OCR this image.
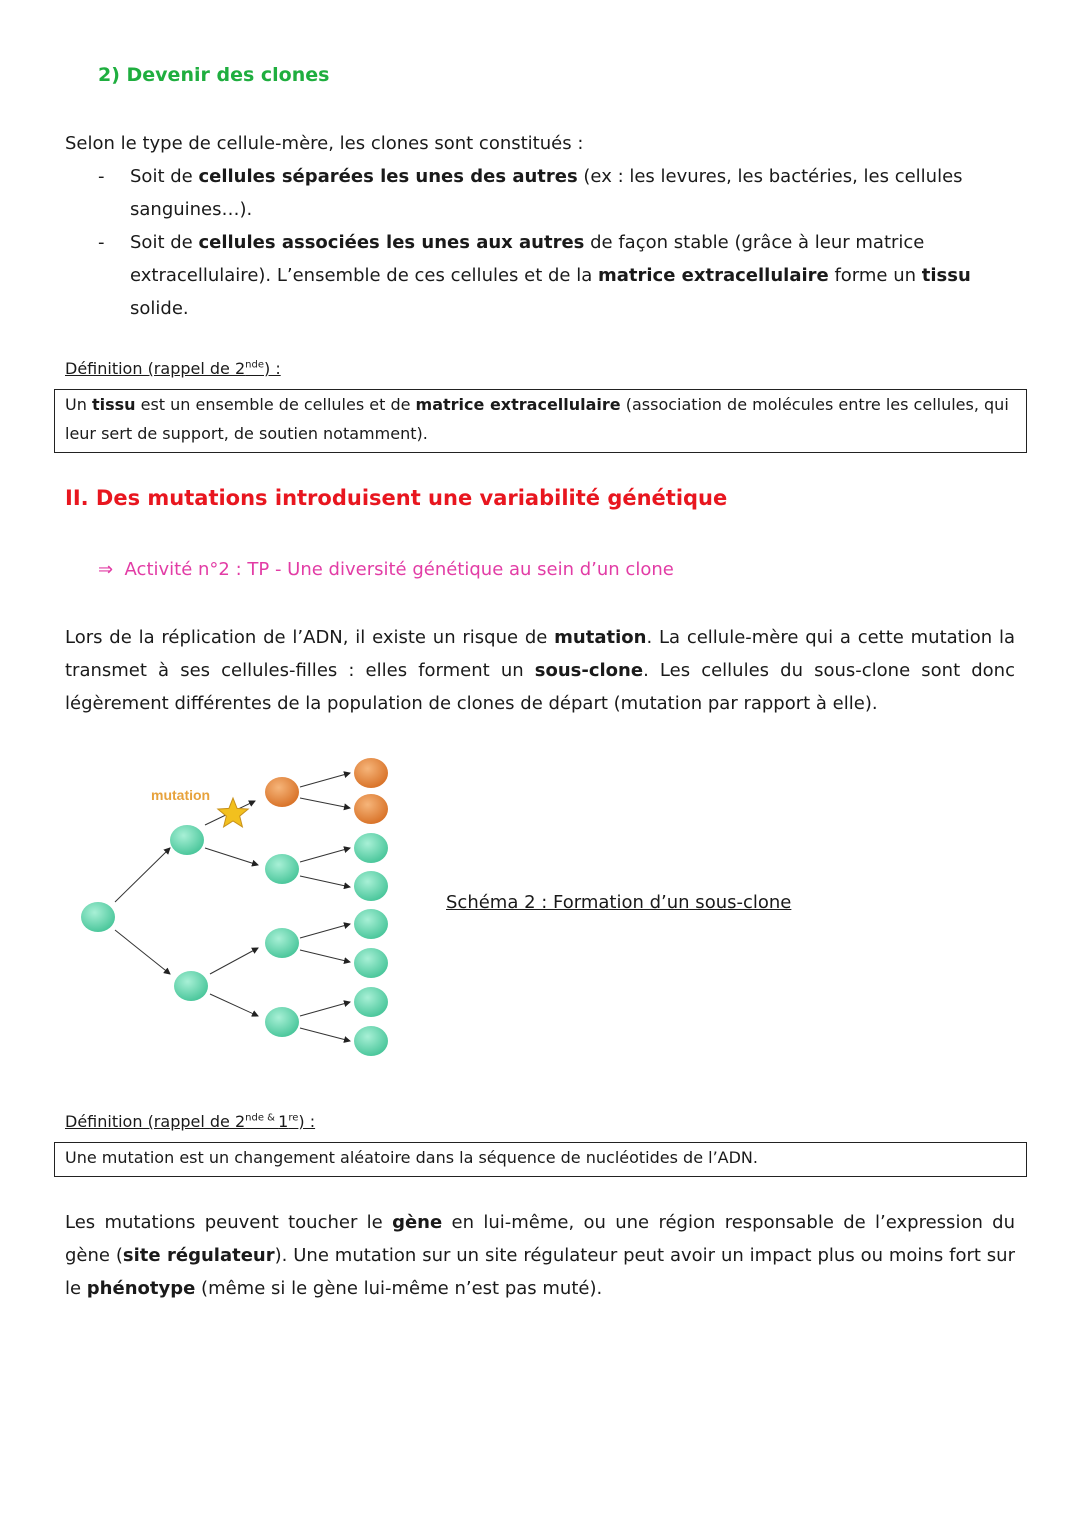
2) Devenir des clones
Selon le type de cellule-mère, les clones sont constitués :
- Soit de cellules séparées les unes des autres (ex : les levures, les bactéries, les cellules sanguines…).
- Soit de cellules associées les unes aux autres de façon stable (grâce à leur matrice extracellulaire). L’ensemble de ces cellules et de la matrice extracellulaire forme un tissu solide.
Définition (rappel de 2nde) :
Un tissu est un ensemble de cellules et de matrice extracellulaire (association de molécules entre les cellules, qui leur sert de support, de soutien notamment).
II. Des mutations introduisent une variabilité génétique
⇒ Activité n°2 : TP - Une diversité génétique au sein d’un clone
Lors de la réplication de l’ADN, il existe un risque de mutation. La cellule-mère qui a cette mutation la transmet à ses cellules-filles : elles forment un sous-clone. Les cellules du sous-clone sont donc légèrement différentes de la population de clones de départ (mutation par rapport à elle).
mutation
Schéma 2 : Formation d’un sous-clone
Définition (rappel de $2^{nde \&}$ 1re) :
Une mutation est un changement aléatoire dans la séquence de nucléotides de l’ADN.
Les mutations peuvent toucher le gène en lui-même, ou une région responsable de l’expression du gène (site régulateur). Une mutation sur un site régulateur peut avoir un impact plus ou moins fort sur le phénotype (même si le gène lui-même n’est pas muté).
